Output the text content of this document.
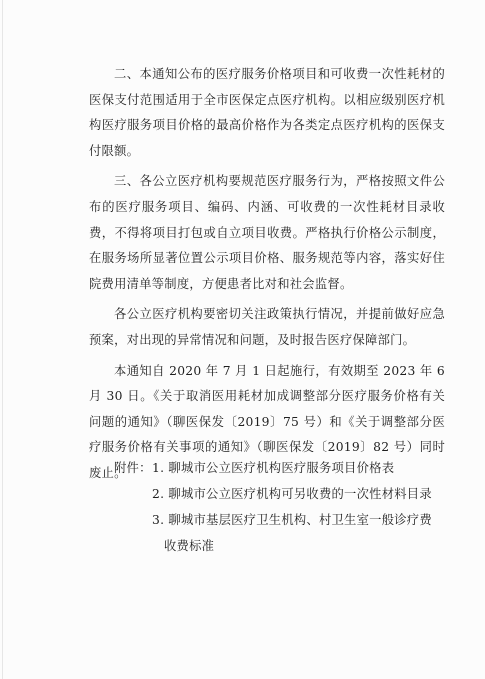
二、本通知公布的医疗服务价格项目和可收费一次性耗材的医保支付范围适用于全市医保定点医疗机构。以相应级别医疗机构医疗服务项目价格的最高价格作为各类定点医疗机构的医保支付限额。

三、各公立医疗机构要规范医疗服务行为，严格按照文件公布的医疗服务项目、编码、内涵、可收费的一次性耗材目录收费，不得将项目打包或自立项目收费。严格执行价格公示制度，在服务场所显著位置公示项目价格、服务规范等内容，落实好住院费用清单等制度，方便患者比对和社会监督。

各公立医疗机构要密切关注政策执行情况，并提前做好应急预案，对出现的异常情况和问题，及时报告医疗保障部门。

本通知自 2020 年 7 月 1 日起施行，有效期至 2023 年 6 月 30 日。《关于取消医用耗材加成调整部分医疗服务价格有关问题的通知》（聊医保发〔2019〕75 号）和《关于调整部分医疗服务价格有关事项的通知》（聊医保发〔2019〕82 号）同时废止。

附件： 1. 聊城市公立医疗机构医疗服务项目价格表
2. 聊城市公立医疗机构可另收费的一次性材料目录
3. 聊城市基层医疗卫生机构、村卫生室一般诊疗费
收费标准
